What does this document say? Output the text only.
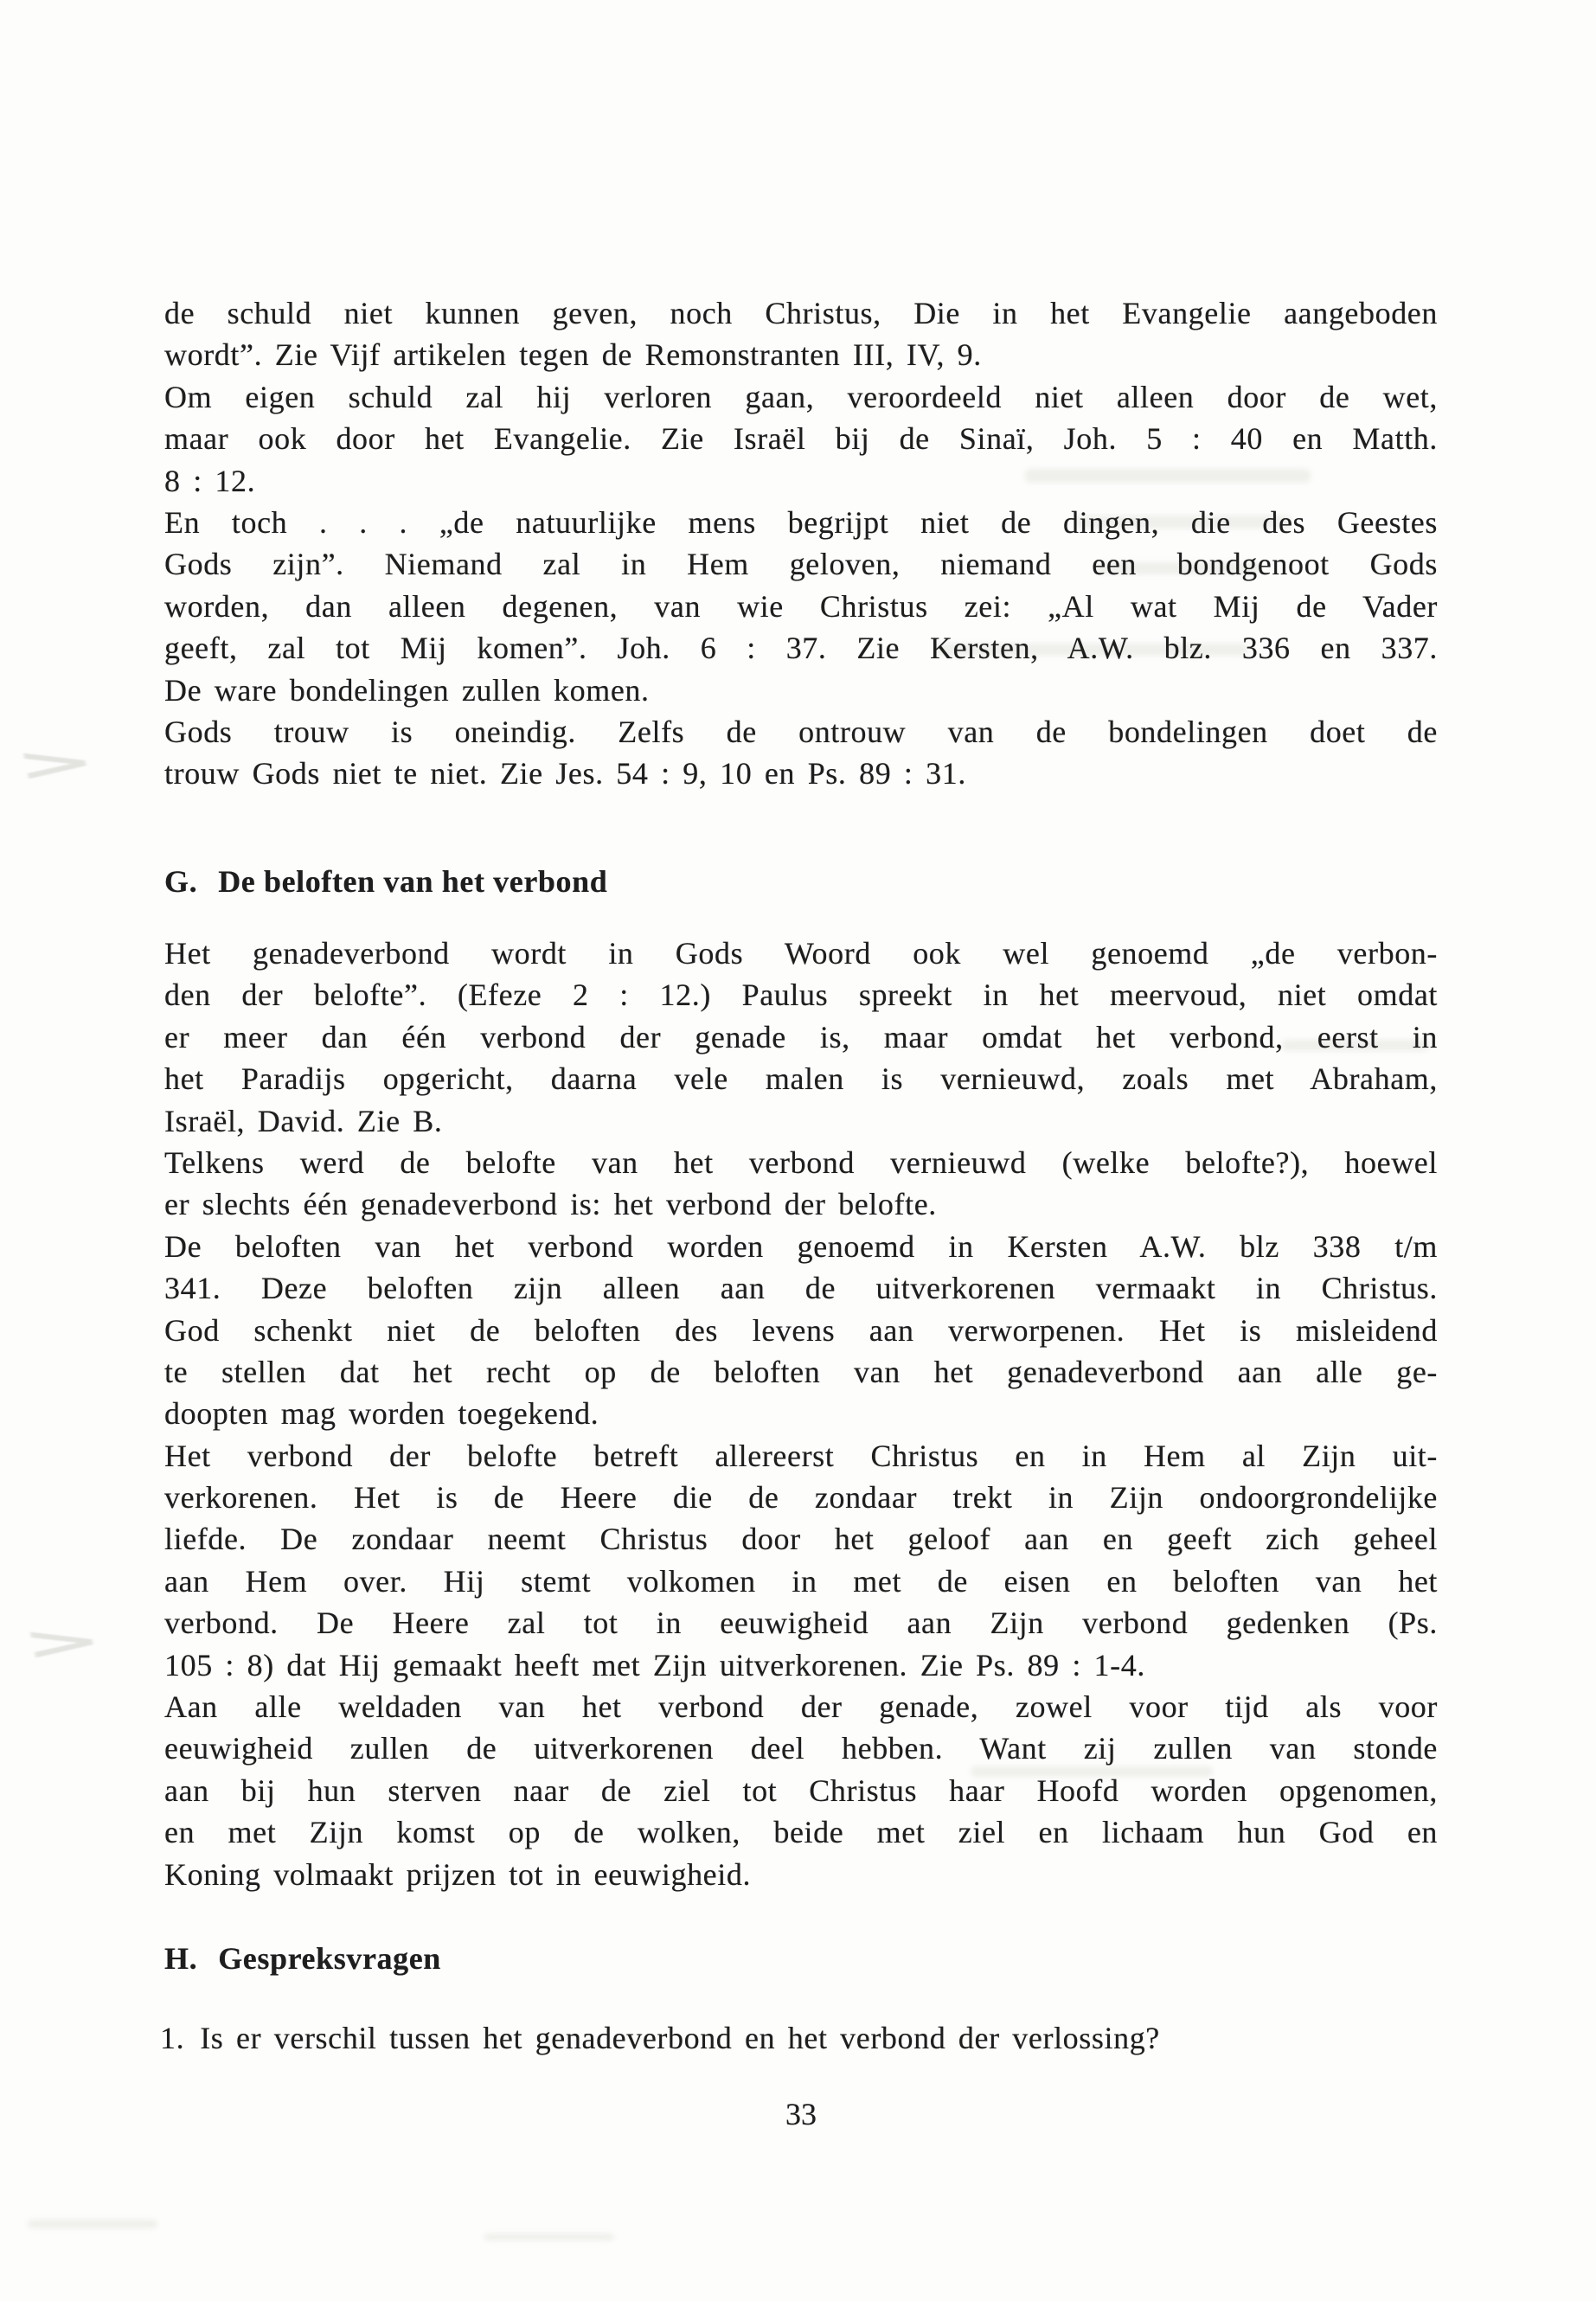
>
>
de schuld niet kunnen geven, noch Christus, Die in het Evangelie aangeboden
wordt”. Zie Vijf artikelen tegen de Remonstranten III, IV, 9.
Om eigen schuld zal hij verloren gaan, veroordeeld niet alleen door de wet,
maar ook door het Evangelie. Zie Israël bij de Sinaï, Joh. 5 : 40 en Matth.
8 : 12.
En toch . . . „de natuurlijke mens begrijpt niet de dingen, die des Geestes
Gods zijn”. Niemand zal in Hem geloven, niemand een bondgenoot Gods
worden, dan alleen degenen, van wie Christus zei: „Al wat Mij de Vader
geeft, zal tot Mij komen”. Joh. 6 : 37. Zie Kersten, A.W. blz. 336 en 337.
De ware bondelingen zullen komen.
Gods trouw is oneindig. Zelfs de ontrouw van de bondelingen doet de
trouw Gods niet te niet. Zie Jes. 54 : 9, 10 en Ps. 89 : 31.
G. De beloften van het verbond
Het genadeverbond wordt in Gods Woord ook wel genoemd „de verbon-
den der belofte”. (Efeze 2 : 12.) Paulus spreekt in het meervoud, niet omdat
er meer dan één verbond der genade is, maar omdat het verbond, eerst in
het Paradijs opgericht, daarna vele malen is vernieuwd, zoals met Abraham,
Israël, David. Zie B.
Telkens werd de belofte van het verbond vernieuwd (welke belofte?), hoewel
er slechts één genadeverbond is: het verbond der belofte.
De beloften van het verbond worden genoemd in Kersten A.W. blz 338 t/m
341. Deze beloften zijn alleen aan de uitverkorenen vermaakt in Christus.
God schenkt niet de beloften des levens aan verworpenen. Het is misleidend
te stellen dat het recht op de beloften van het genadeverbond aan alle ge-
doopten mag worden toegekend.
Het verbond der belofte betreft allereerst Christus en in Hem al Zijn uit-
verkorenen. Het is de Heere die de zondaar trekt in Zijn ondoorgrondelijke
liefde. De zondaar neemt Christus door het geloof aan en geeft zich geheel
aan Hem over. Hij stemt volkomen in met de eisen en beloften van het
verbond. De Heere zal tot in eeuwigheid aan Zijn verbond gedenken (Ps.
105 : 8) dat Hij gemaakt heeft met Zijn uitverkorenen. Zie Ps. 89 : 1-4.
Aan alle weldaden van het verbond der genade, zowel voor tijd als voor
eeuwigheid zullen de uitverkorenen deel hebben. Want zij zullen van stonde
aan bij hun sterven naar de ziel tot Christus haar Hoofd worden opgenomen,
en met Zijn komst op de wolken, beide met ziel en lichaam hun God en
Koning volmaakt prijzen tot in eeuwigheid.
H. Gespreksvragen
1. Is er verschil tussen het genadeverbond en het verbond der verlossing?
33
